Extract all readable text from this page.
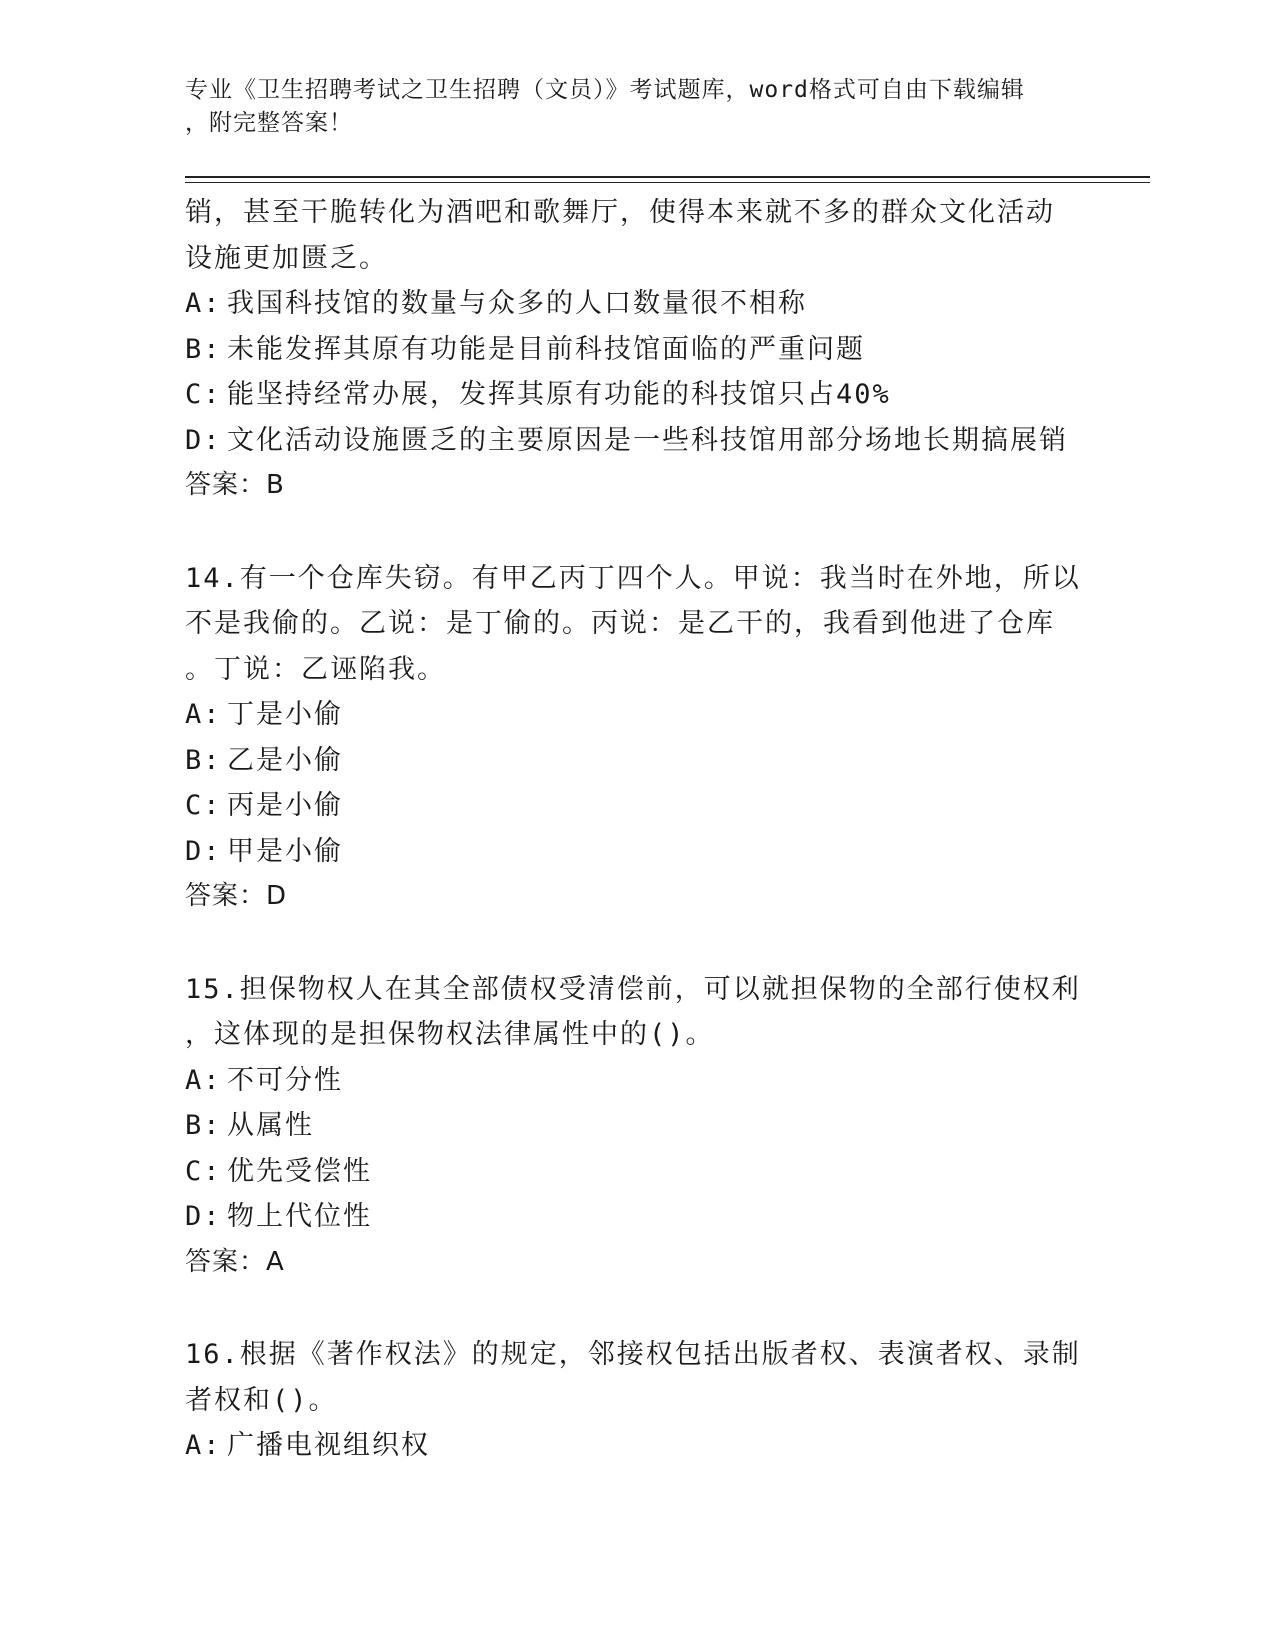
专业《卫生招聘考试之卫生招聘（文员）》考试题库，word格式可自由下载编辑
，附完整答案！
销，甚至干脆转化为酒吧和歌舞厅，使得本来就不多的群众文化活动
设施更加匮乏。
A: 我国科技馆的数量与众多的人口数量很不相称
B: 未能发挥其原有功能是目前科技馆面临的严重问题
C: 能坚持经常办展，发挥其原有功能的科技馆只占40%
D: 文化活动设施匮乏的主要原因是一些科技馆用部分场地长期搞展销
答案：B
14.有一个仓库失窃。有甲乙丙丁四个人。甲说：我当时在外地，所以
不是我偷的。乙说：是丁偷的。丙说：是乙干的，我看到他进了仓库
。丁说：乙诬陷我。
A: 丁是小偷
B: 乙是小偷
C: 丙是小偷
D: 甲是小偷
答案：D
15.担保物权人在其全部债权受清偿前，可以就担保物的全部行使权利
，这体现的是担保物权法律属性中的()。
A: 不可分性
B: 从属性
C: 优先受偿性
D: 物上代位性
答案：A
16.根据《著作权法》的规定，邻接权包括出版者权、表演者权、录制
者权和()。
A: 广播电视组织权
